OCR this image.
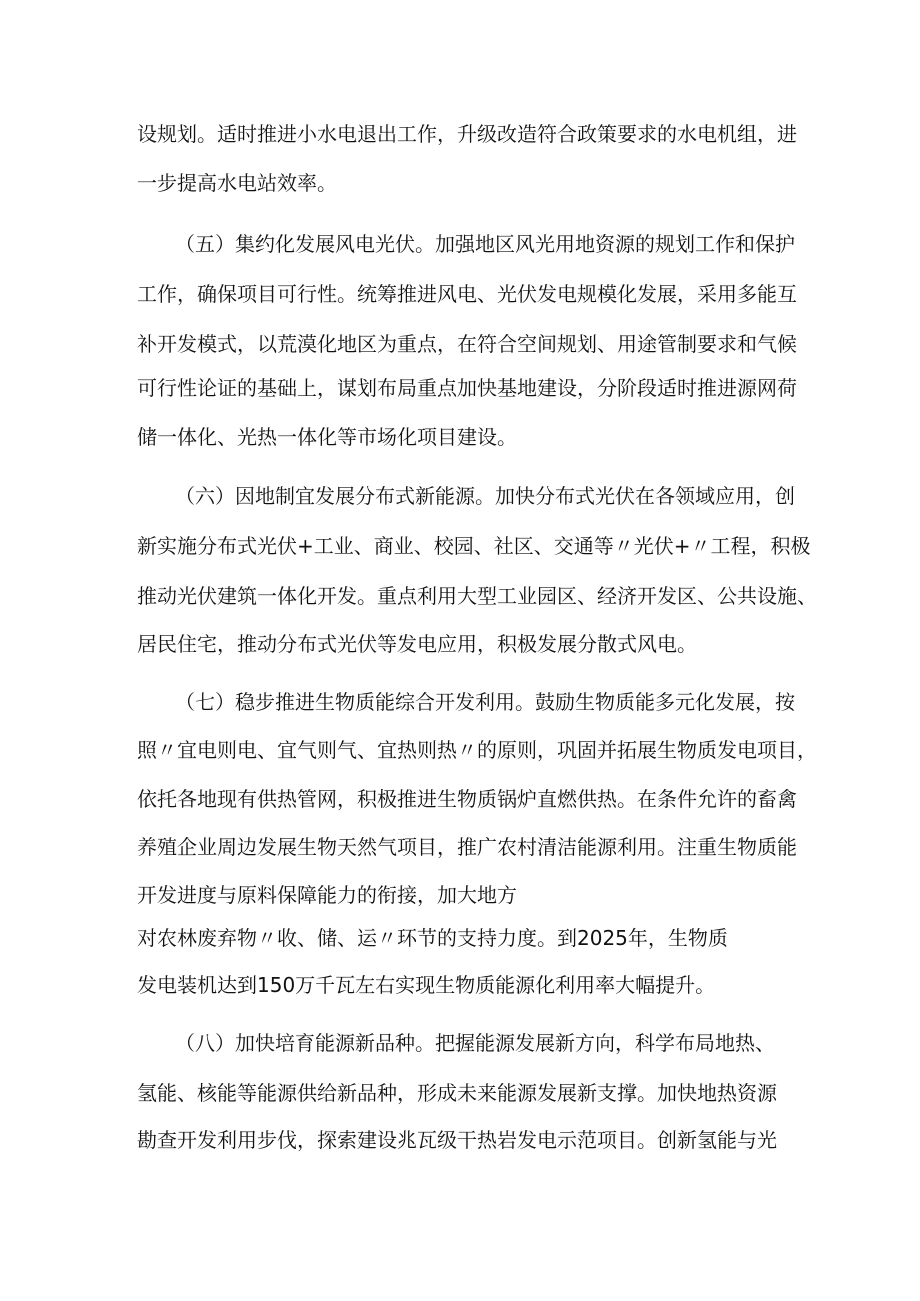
设规划。适时推进小水电退出工作，升级改造符合政策要求的水电机组，进
一步提高水电站效率。
（五）集约化发展风电光伏。加强地区风光用地资源的规划工作和保护
工作，确保项目可行性。统筹推进风电、光伏发电规模化发展，采用多能互
补开发模式，以荒漠化地区为重点，在符合空间规划、用途管制要求和气候
可行性论证的基础上，谋划布局重点加快基地建设，分阶段适时推进源网荷
储一体化、光热一体化等市场化项目建设。
（六）因地制宜发展分布式新能源。加快分布式光伏在各领域应用，创
新实施分布式光伏+工业、商业、校园、社区、交通等〃光伏+〃工程，积极
推动光伏建筑一体化开发。重点利用大型工业园区、经济开发区、公共设施、
居民住宅，推动分布式光伏等发电应用，积极发展分散式风电。
（七）稳步推进生物质能综合开发利用。鼓励生物质能多元化发展，按
照〃宜电则电、宜气则气、宜热则热〃的原则，巩固并拓展生物质发电项目，
依托各地现有供热管网，积极推进生物质锅炉直燃供热。在条件允许的畜禽
养殖企业周边发展生物天然气项目，推广农村清洁能源利用。注重生物质能
开发进度与原料保障能力的衔接，加大地方
对农林废弃物〃收、储、运〃环节的支持力度。到2025年，生物质
发电装机达到150万千瓦左右实现生物质能源化利用率大幅提升。
（八）加快培育能源新品种。把握能源发展新方向，科学布局地热、
氢能、核能等能源供给新品种，形成未来能源发展新支撑。加快地热资源
勘查开发利用步伐，探索建设兆瓦级干热岩发电示范项目。创新氢能与光
